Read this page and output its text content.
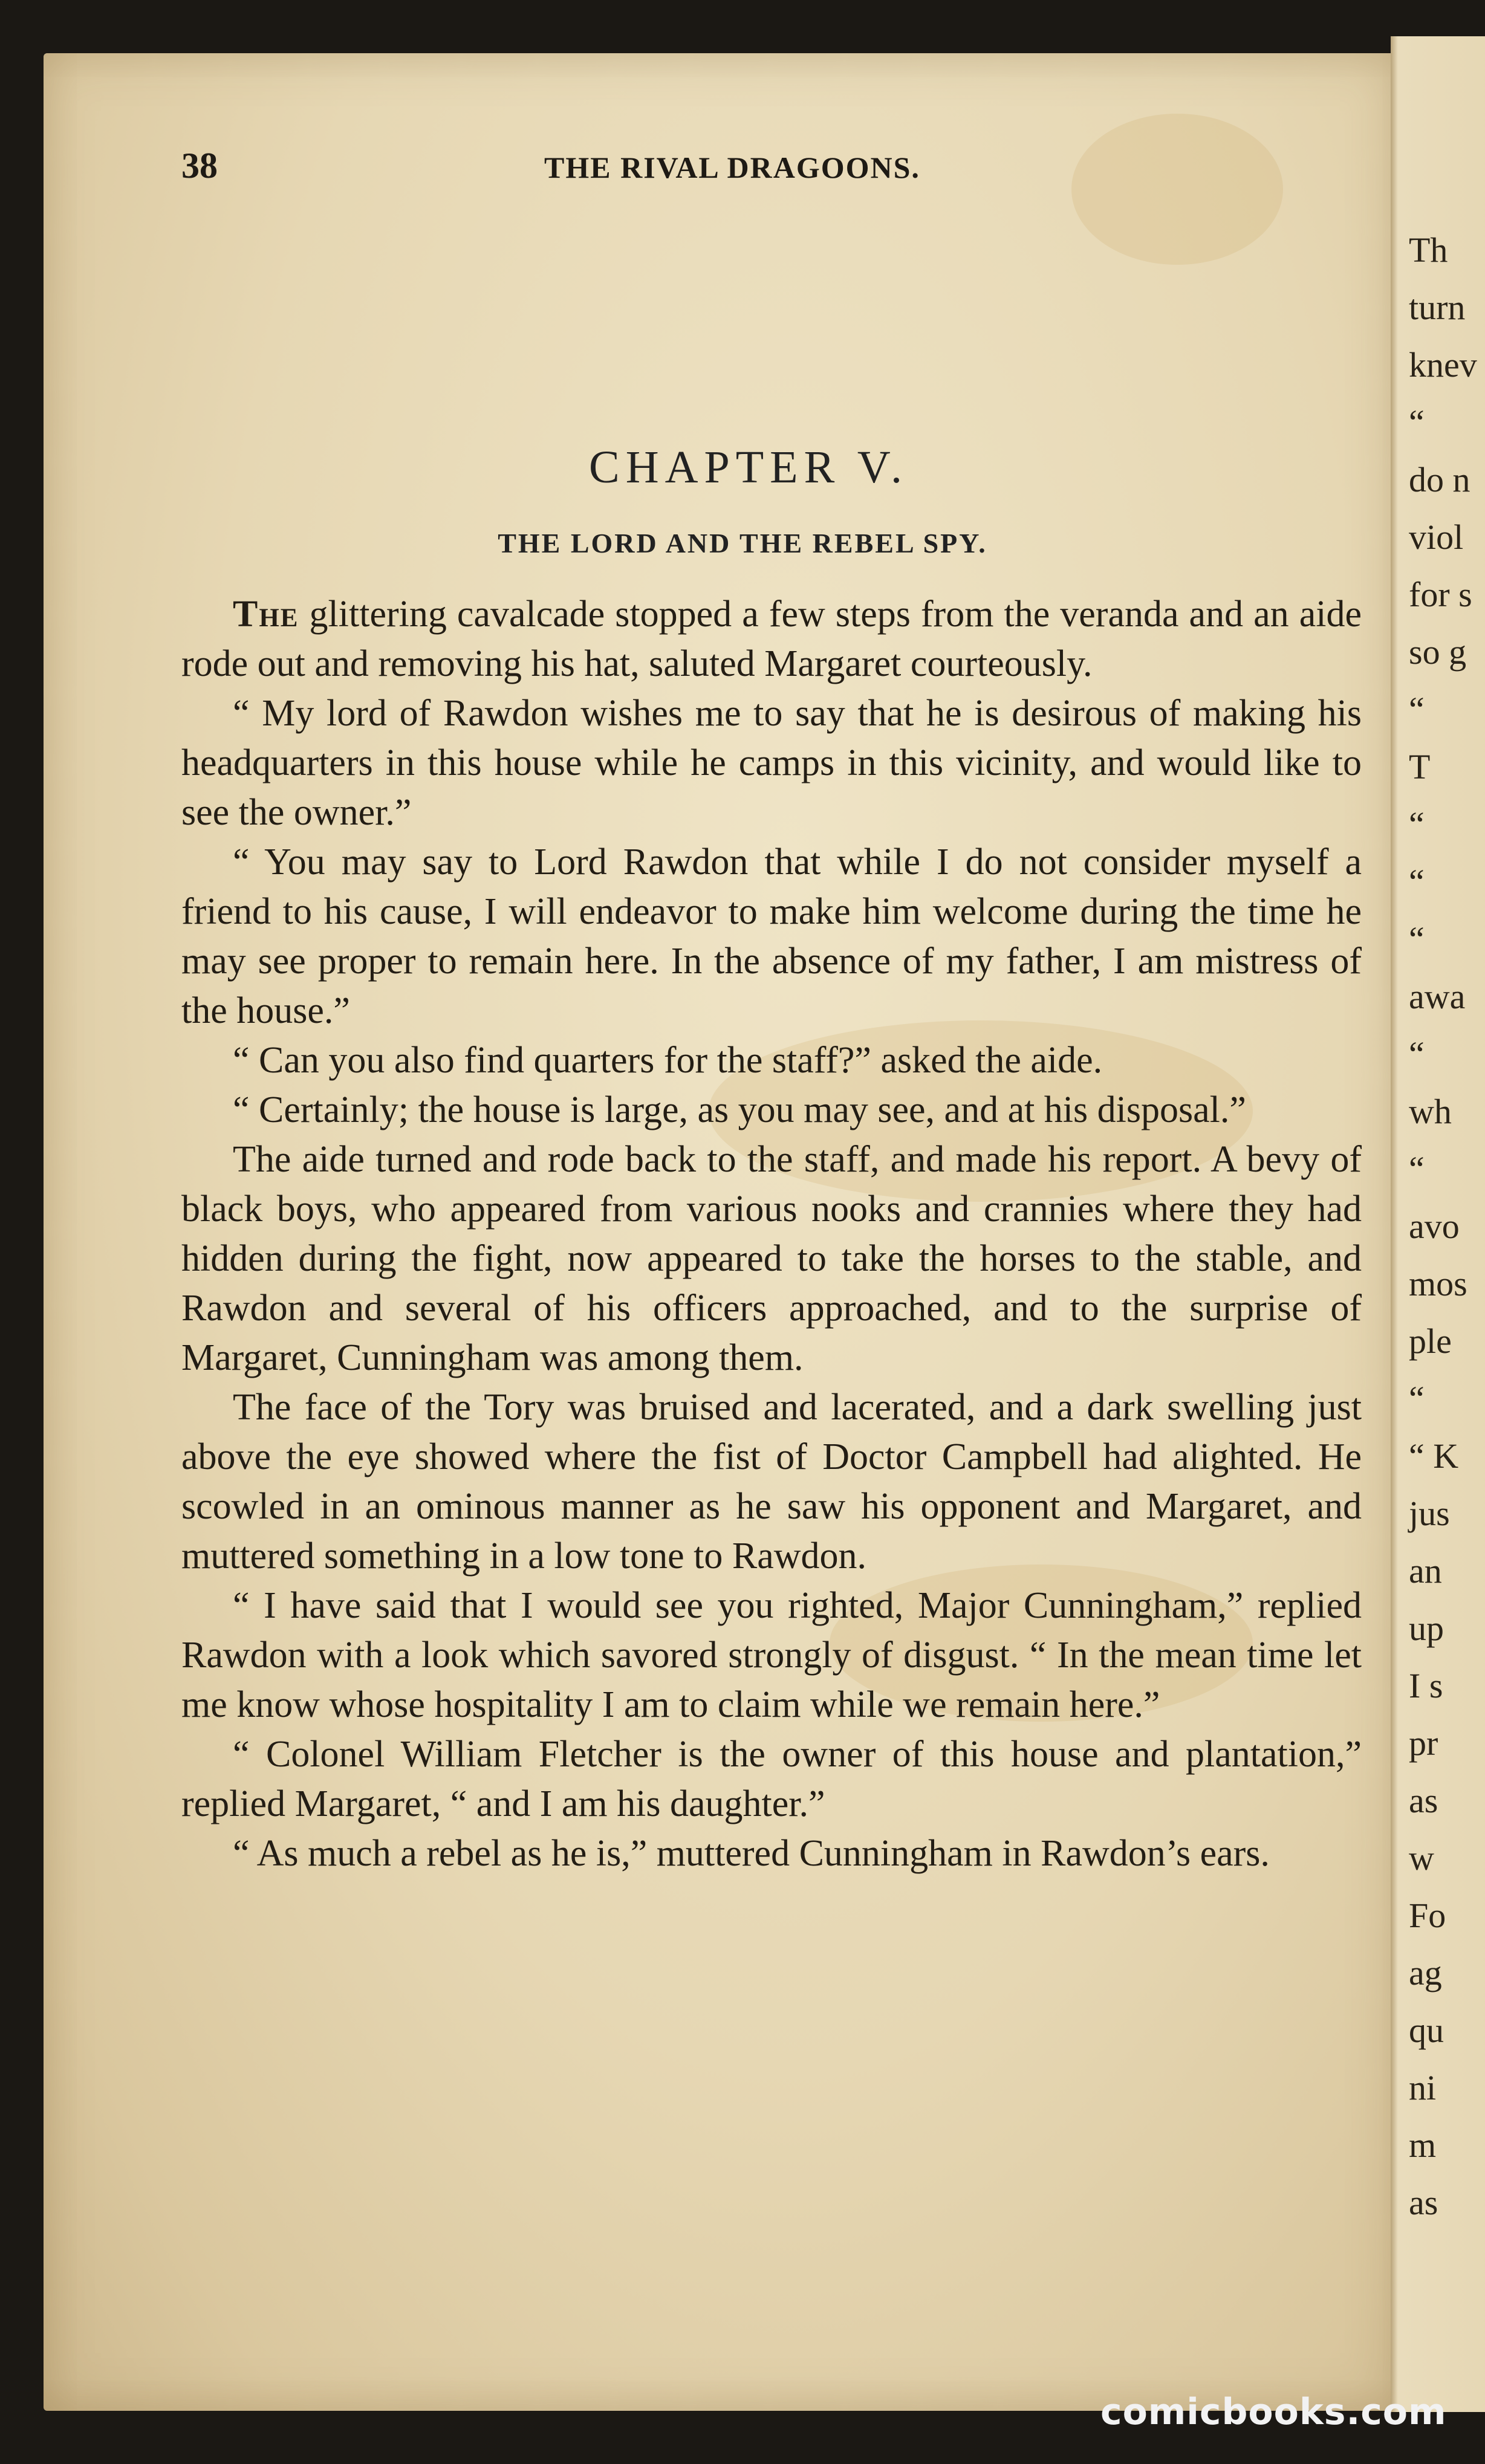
Th
turn
knev
“
do n
viol
for s
so g
“
T
“
“
“
awa
“
wh
“
avo
mos
ple
“
“ K
jus
an
up
I s
pr
as
w
Fo
ag
qu
ni
m
as
38	THE RIVAL DRAGOONS.
CHAPTER V.
THE LORD AND THE REBEL SPY.

The glittering cavalcade stopped a few steps from the veranda and an aide rode out and removing his hat, saluted Margaret courteously.

“ My lord of Rawdon wishes me to say that he is desirous of making his headquarters in this house while he camps in this vicinity, and would like to see the owner.”

“ You may say to Lord Rawdon that while I do not consider myself a friend to his cause, I will endeavor to make him welcome during the time he may see proper to remain here. In the absence of my father, I am mistress of the house.”

“ Can you also find quarters for the staff?” asked the aide.

“ Certainly; the house is large, as you may see, and at his disposal.”

The aide turned and rode back to the staff, and made his report. A bevy of black boys, who appeared from various nooks and crannies where they had hidden during the fight, now appeared to take the horses to the stable, and Rawdon and several of his officers approached, and to the surprise of Margaret, Cunningham was among them.

The face of the Tory was bruised and lacerated, and a dark swelling just above the eye showed where the fist of Doctor Campbell had alighted. He scowled in an ominous manner as he saw his opponent and Margaret, and muttered something in a low tone to Rawdon.

“ I have said that I would see you righted, Major Cunningham,” replied Rawdon with a look which savored strongly of disgust. “ In the mean time let me know whose hospitality I am to claim while we remain here.”

“ Colonel William Fletcher is the owner of this house and plantation,” replied Margaret, “ and I am his daughter.”

“ As much a rebel as he is,” muttered Cunningham in Rawdon’s ears.

comicbooks.com
